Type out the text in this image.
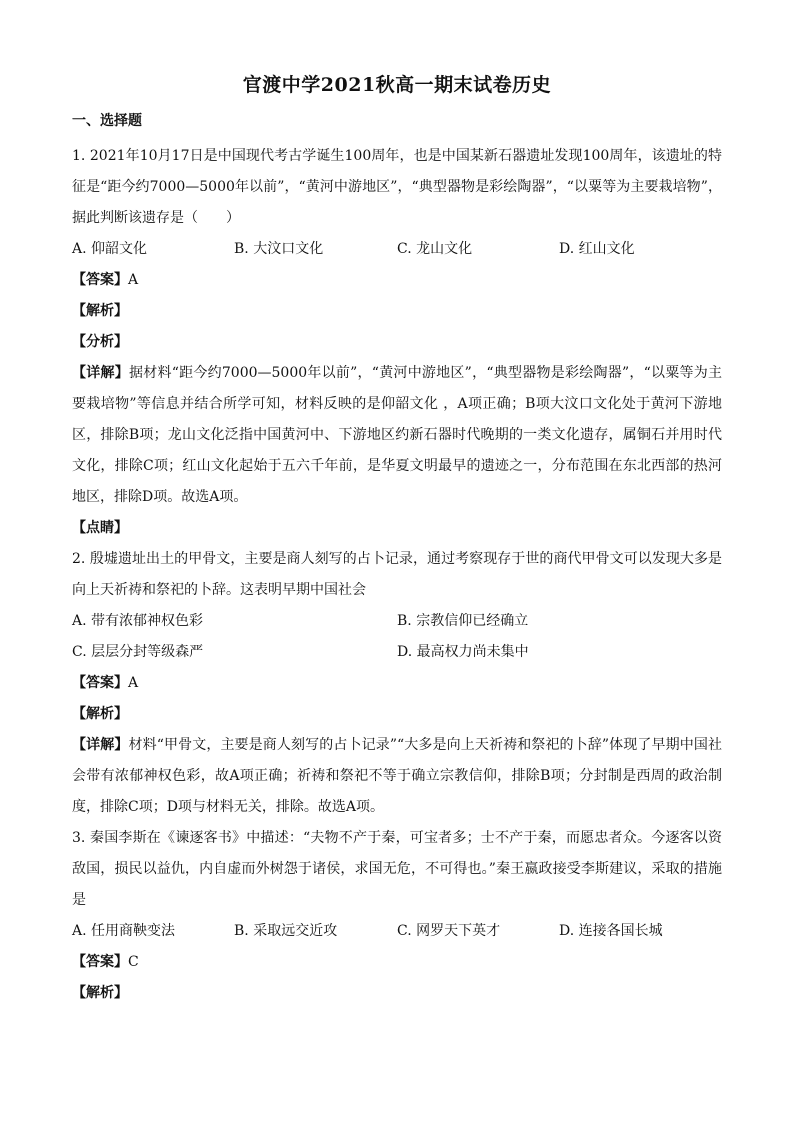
官渡中学2021秋高一期末试卷历史
一、选择题

1. 2021年10月17日是中国现代考古学诞生100周年，也是中国某新石器遗址发现100周年，该遗址的特征是“距今约7000—5000年以前”，“黄河中游地区”，“典型器物是彩绘陶器”，“以粟等为主要栽培物”，据此判断该遗存是（　　）

A. 仰韶文化	B. 大汶口文化	C. 龙山文化	D. 红山文化

【答案】A

【解析】

【分析】

【详解】据材料“距今约7000—5000年以前”，“黄河中游地区”，“典型器物是彩绘陶器”，“以粟等为主要栽培物”等信息并结合所学可知，材料反映的是仰韶文化 ，A项正确；B项大汶口文化处于黄河下游地区，排除B项；龙山文化泛指中国黄河中、下游地区约新石器时代晚期的一类文化遗存，属铜石并用时代文化，排除C项；红山文化起始于五六千年前，是华夏文明最早的遗迹之一，分布范围在东北西部的热河地区，排除D项。故选A项。

【点睛】

2. 殷墟遗址出土的甲骨文，主要是商人刻写的占卜记录，通过考察现存于世的商代甲骨文可以发现大多是向上天祈祷和祭祀的卜辞。这表明早期中国社会

A. 带有浓郁神权色彩	B. 宗教信仰已经确立
C. 层层分封等级森严	D. 最高权力尚未集中

【答案】A

【解析】

【详解】材料“甲骨文，主要是商人刻写的占卜记录”“大多是向上天祈祷和祭祀的卜辞”体现了早期中国社会带有浓郁神权色彩，故A项正确；祈祷和祭祀不等于确立宗教信仰，排除B项；分封制是西周的政治制度，排除C项；D项与材料无关，排除。故选A项。

3. 秦国李斯在《谏逐客书》中描述：“夫物不产于秦，可宝者多；士不产于秦，而愿忠者众。今逐客以资敌国，损民以益仇，内自虚而外树怨于诸侯，求国无危，不可得也。”秦王嬴政接受李斯建议，采取的措施是

A. 任用商鞅变法	B. 采取远交近攻	C. 网罗天下英才	D. 连接各国长城

【答案】C

【解析】
